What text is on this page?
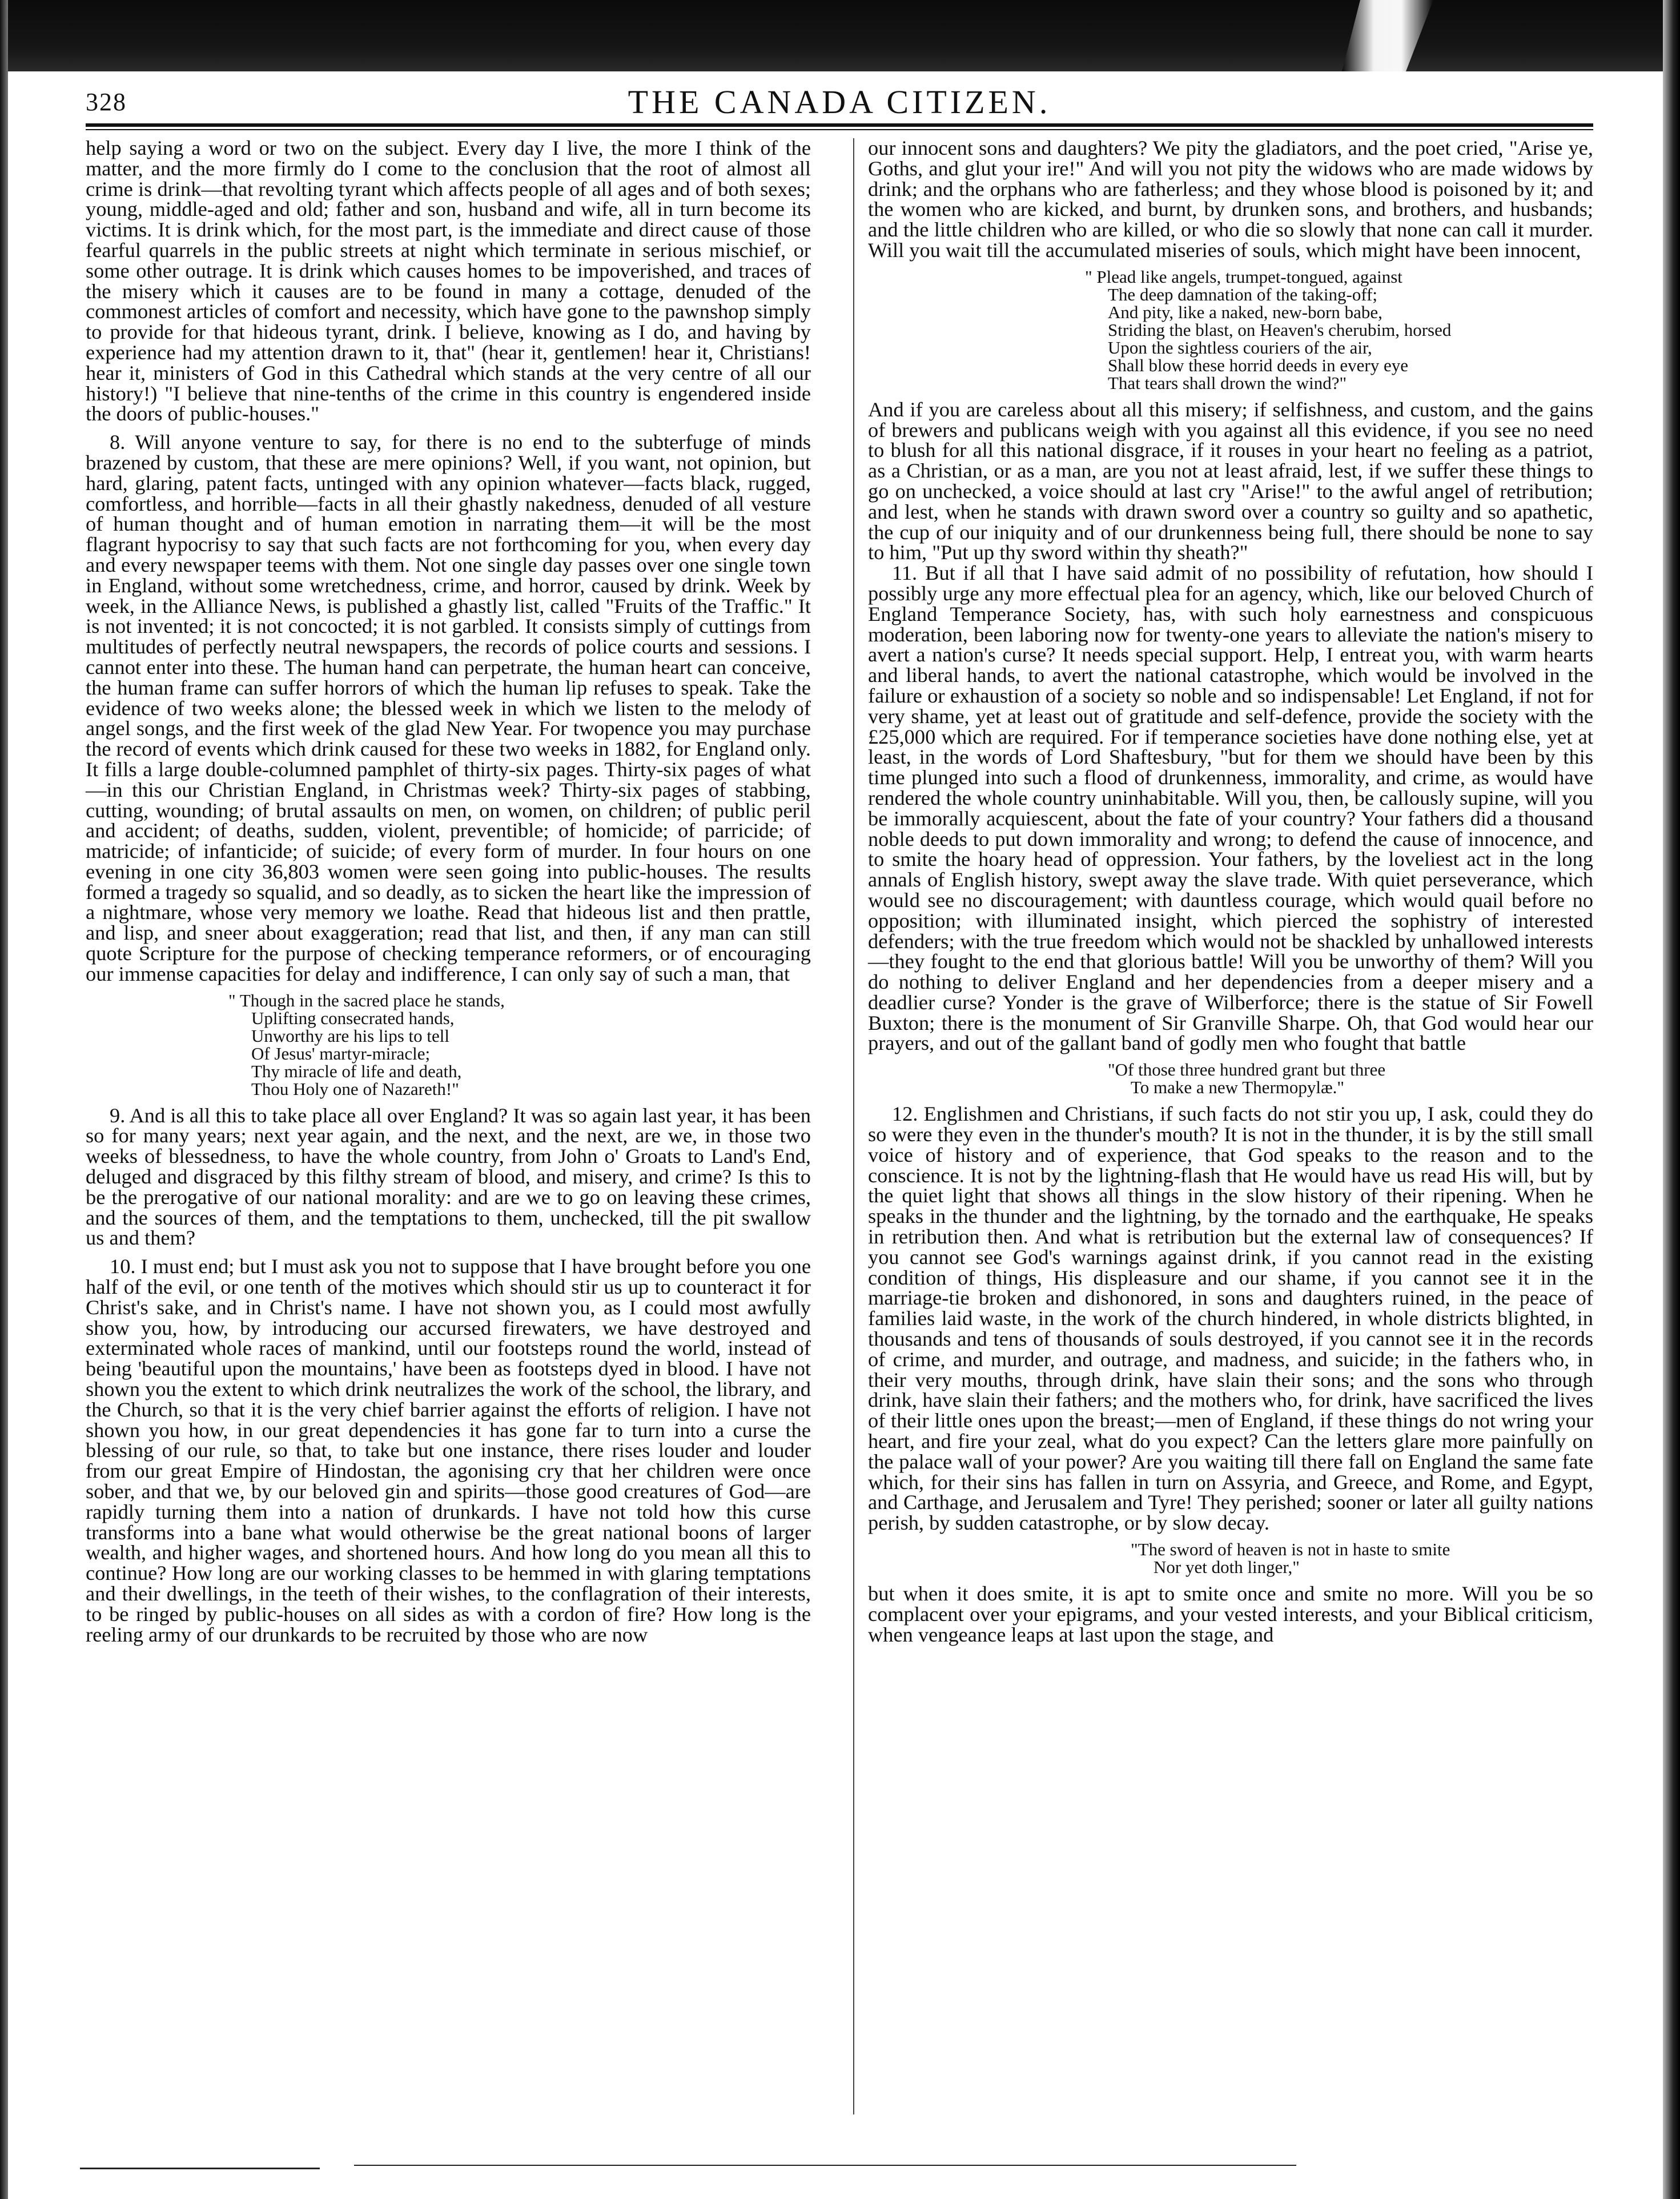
THE CANADA CITIZEN.
328

help saying a word or two on the subject. Every day I live, the more I think of the matter, and the more firmly do I come to the conclusion that the root of almost all crime is drink—that revolting tyrant which affects people of all ages and of both sexes; young, middle-aged and old; father and son, husband and wife, all in turn become its victims. It is drink which, for the most part, is the immediate and direct cause of those fearful quarrels in the public streets at night which terminate in serious mischief, or some other outrage. It is drink which causes homes to be impoverished, and traces of the misery which it causes are to be found in many a cottage, denuded of the commonest articles of comfort and necessity, which have gone to the pawnshop simply to provide for that hideous tyrant, drink. I believe, knowing as I do, and having by experience had my attention drawn to it, that" (hear it, gentlemen! hear it, Christians! hear it, ministers of God in this Cathedral which stands at the very centre of all our history!) "I believe that nine-tenths of the crime in this country is engendered inside the doors of public-houses."

8. Will anyone venture to say, for there is no end to the subterfuge of minds brazened by custom, that these are mere opinions? Well, if you want, not opinion, but hard, glaring, patent facts, untinged with any opinion whatever—facts black, rugged, comfortless, and horrible—facts in all their ghastly nakedness, denuded of all vesture of human thought and of human emotion in narrating them—it will be the most flagrant hypocrisy to say that such facts are not forthcoming for you, when every day and every newspaper teems with them. Not one single day passes over one single town in England, without some wretchedness, crime, and horror, caused by drink. Week by week, in the Alliance News, is published a ghastly list, called "Fruits of the Traffic." It is not invented; it is not concocted; it is not garbled. It consists simply of cuttings from multitudes of perfectly neutral newspapers, the records of police courts and sessions. I cannot enter into these. The human hand can perpetrate, the human heart can conceive, the human frame can suffer horrors of which the human lip refuses to speak. Take the evidence of two weeks alone; the blessed week in which we listen to the melody of angel songs, and the first week of the glad New Year. For twopence you may purchase the record of events which drink caused for these two weeks in 1882, for England only. It fills a large double-columned pamphlet of thirty-six pages. Thirty-six pages of what—in this our Christian England, in Christmas week? Thirty-six pages of stabbing, cutting, wounding; of brutal assaults on men, on women, on children; of public peril and accident; of deaths, sudden, violent, preventible; of homicide; of parricide; of matricide; of infanticide; of suicide; of every form of murder. In four hours on one evening in one city 36,803 women were seen going into public-houses. The results formed a tragedy so squalid, and so deadly, as to sicken the heart like the impression of a nightmare, whose very memory we loathe. Read that hideous list and then prattle, and lisp, and sneer about exaggeration; read that list, and then, if any man can still quote Scripture for the purpose of checking temperance reformers, or of encouraging our immense capacities for delay and indifference, I can only say of such a man, that

" Though in the sacred place he stands,
Uplifting consecrated hands,
Unworthy are his lips to tell
Of Jesus' martyr-miracle;
Thy miracle of life and death,
Thou Holy one of Nazareth!"

9. And is all this to take place all over England? It was so again last year, it has been so for many years; next year again, and the next, and the next, are we, in those two weeks of blessedness, to have the whole country, from John o' Groats to Land's End, deluged and disgraced by this filthy stream of blood, and misery, and crime? Is this to be the prerogative of our national morality: and are we to go on leaving these crimes, and the sources of them, and the temptations to them, unchecked, till the pit swallow us and them?

10. I must end; but I must ask you not to suppose that I have brought before you one half of the evil, or one tenth of the motives which should stir us up to counteract it for Christ's sake, and in Christ's name. I have not shown you, as I could most awfully show you, how, by introducing our accursed firewaters, we have destroyed and exterminated whole races of mankind, until our footsteps round the world, instead of being 'beautiful upon the mountains,' have been as footsteps dyed in blood. I have not shown you the extent to which drink neutralizes the work of the school, the library, and the Church, so that it is the very chief barrier against the efforts of religion. I have not shown you how, in our great dependencies it has gone far to turn into a curse the blessing of our rule, so that, to take but one instance, there rises louder and louder from our great Empire of Hindostan, the agonising cry that her children were once sober, and that we, by our beloved gin and spirits—those good creatures of God—are rapidly turning them into a nation of drunkards. I have not told how this curse transforms into a bane what would otherwise be the great national boons of larger wealth, and higher wages, and shortened hours. And how long do you mean all this to continue? How long are our working classes to be hemmed in with glaring temptations and their dwellings, in the teeth of their wishes, to the conflagration of their interests, to be ringed by public-houses on all sides as with a cordon of fire? How long is the reeling army of our drunkards to be recruited by those who are now

our innocent sons and daughters? We pity the gladiators, and the poet cried, "Arise ye, Goths, and glut your ire!" And will you not pity the widows who are made widows by drink; and the orphans who are fatherless; and they whose blood is poisoned by it; and the women who are kicked, and burnt, by drunken sons, and brothers, and husbands; and the little children who are killed, or who die so slowly that none can call it murder. Will you wait till the accumulated miseries of souls, which might have been innocent,

" Plead like angels, trumpet-tongued, against
The deep damnation of the taking-off;
And pity, like a naked, new-born babe,
Striding the blast, on Heaven's cherubim, horsed
Upon the sightless couriers of the air,
Shall blow these horrid deeds in every eye
That tears shall drown the wind?"

And if you are careless about all this misery; if selfishness, and custom, and the gains of brewers and publicans weigh with you against all this evidence, if you see no need to blush for all this national disgrace, if it rouses in your heart no feeling as a patriot, as a Christian, or as a man, are you not at least afraid, lest, if we suffer these things to go on unchecked, a voice should at last cry "Arise!" to the awful angel of retribution; and lest, when he stands with drawn sword over a country so guilty and so apathetic, the cup of our iniquity and of our drunkenness being full, there should be none to say to him, "Put up thy sword within thy sheath?"

11. But if all that I have said admit of no possibility of refutation, how should I possibly urge any more effectual plea for an agency, which, like our beloved Church of England Temperance Society, has, with such holy earnestness and conspicuous moderation, been laboring now for twenty-one years to alleviate the nation's misery to avert a nation's curse? It needs special support. Help, I entreat you, with warm hearts and liberal hands, to avert the national catastrophe, which would be involved in the failure or exhaustion of a society so noble and so indispensable! Let England, if not for very shame, yet at least out of gratitude and self-defence, provide the society with the £25,000 which are required. For if temperance societies have done nothing else, yet at least, in the words of Lord Shaftesbury, "but for them we should have been by this time plunged into such a flood of drunkenness, immorality, and crime, as would have rendered the whole country uninhabitable. Will you, then, be callously supine, will you be immorally acquiescent, about the fate of your country? Your fathers did a thousand noble deeds to put down immorality and wrong; to defend the cause of innocence, and to smite the hoary head of oppression. Your fathers, by the loveliest act in the long annals of English history, swept away the slave trade. With quiet perseverance, which would see no discouragement; with dauntless courage, which would quail before no opposition; with illuminated insight, which pierced the sophistry of interested defenders; with the true freedom which would not be shackled by unhallowed interests—they fought to the end that glorious battle! Will you be unworthy of them? Will you do nothing to deliver England and her dependencies from a deeper misery and a deadlier curse? Yonder is the grave of Wilberforce; there is the statue of Sir Fowell Buxton; there is the monument of Sir Granville Sharpe. Oh, that God would hear our prayers, and out of the gallant band of godly men who fought that battle

"Of those three hundred grant but three
To make a new Thermopylæ."

12. Englishmen and Christians, if such facts do not stir you up, I ask, could they do so were they even in the thunder's mouth? It is not in the thunder, it is by the still small voice of history and of experience, that God speaks to the reason and to the conscience. It is not by the lightning-flash that He would have us read His will, but by the quiet light that shows all things in the slow history of their ripening. When he speaks in the thunder and the lightning, by the tornado and the earthquake, He speaks in retribution then. And what is retribution but the external law of consequences? If you cannot see God's warnings against drink, if you cannot read in the existing condition of things, His displeasure and our shame, if you cannot see it in the marriage-tie broken and dishonored, in sons and daughters ruined, in the peace of families laid waste, in the work of the church hindered, in whole districts blighted, in thousands and tens of thousands of souls destroyed, if you cannot see it in the records of crime, and murder, and outrage, and madness, and suicide; in the fathers who, in their very mouths, through drink, have slain their sons; and the sons who through drink, have slain their fathers; and the mothers who, for drink, have sacrificed the lives of their little ones upon the breast;—men of England, if these things do not wring your heart, and fire your zeal, what do you expect? Can the letters glare more painfully on the palace wall of your power? Are you waiting till there fall on England the same fate which, for their sins has fallen in turn on Assyria, and Greece, and Rome, and Egypt, and Carthage, and Jerusalem and Tyre! They perished; sooner or later all guilty nations perish, by sudden catastrophe, or by slow decay.

"The sword of heaven is not in haste to smite
Nor yet doth linger,"

but when it does smite, it is apt to smite once and smite no more. Will you be so complacent over your epigrams, and your vested interests, and your Biblical criticism, when vengeance leaps at last upon the stage, and
